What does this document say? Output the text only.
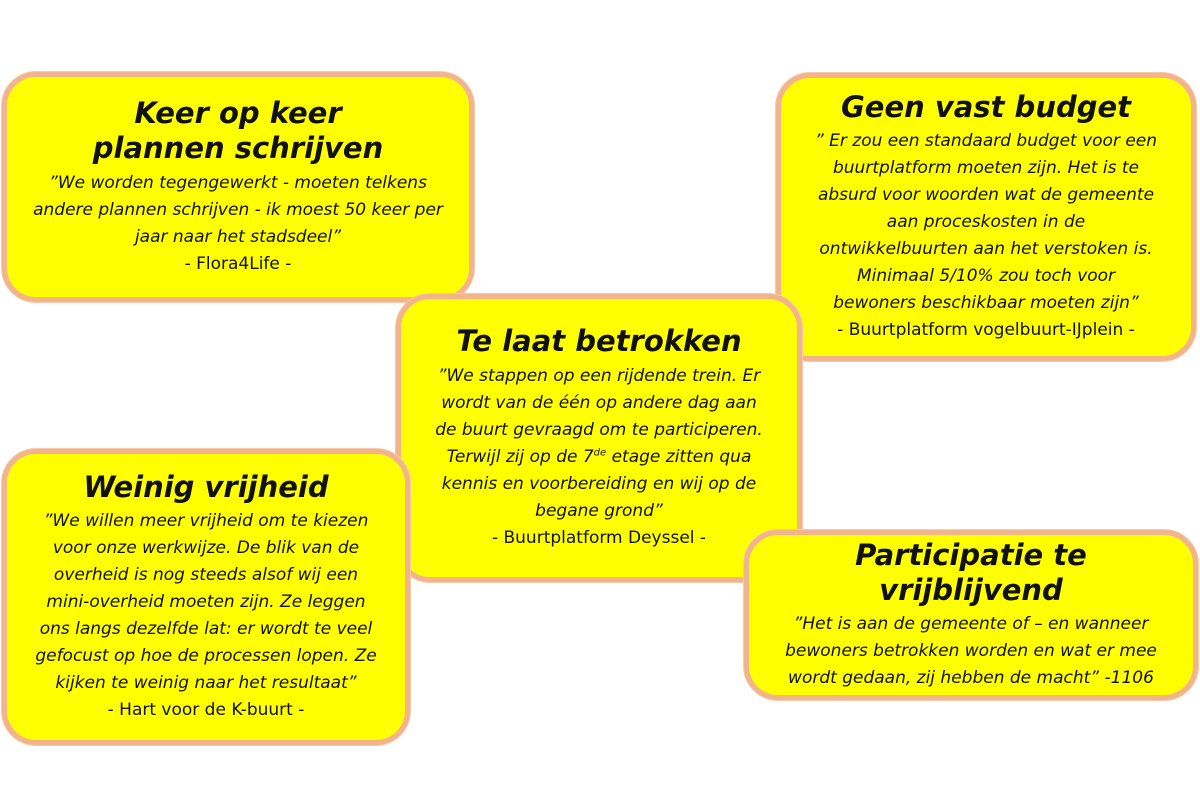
Keer op keer plannen schrijven

”We worden tegengewerkt - moeten telkens
andere plannen schrijven - ik moest 50 keer per
jaar naar het stadsdeel”

- Flora4Life -

Geen vast budget

” Er zou een standaard budget voor een
buurtplatform moeten zijn. Het is te
absurd voor woorden wat de gemeente
aan proceskosten in de
ontwikkelbuurten aan het verstoken is.
Minimaal 5/10% zou toch voor
bewoners beschikbaar moeten zijn”

- Buurtplatform vogelbuurt-IJplein -

Te laat betrokken

”We stappen op een rijdende trein. Er
wordt van de één op andere dag aan
de buurt gevraagd om te participeren.
Terwijl zij op de 7de etage zitten qua
kennis en voorbereiding en wij op de
begane grond”

- Buurtplatform Deyssel -

Weinig vrijheid

”We willen meer vrijheid om te kiezen
voor onze werkwijze. De blik van de
overheid is nog steeds alsof wij een
mini-overheid moeten zijn. Ze leggen
ons langs dezelfde lat: er wordt te veel
gefocust op hoe de processen lopen. Ze
kijken te weinig naar het resultaat”

- Hart voor de K-buurt -

Participatie te vrijblijvend

”Het is aan de gemeente of – en wanneer
bewoners betrokken worden en wat er mee
wordt gedaan, zij hebben de macht” -1106
